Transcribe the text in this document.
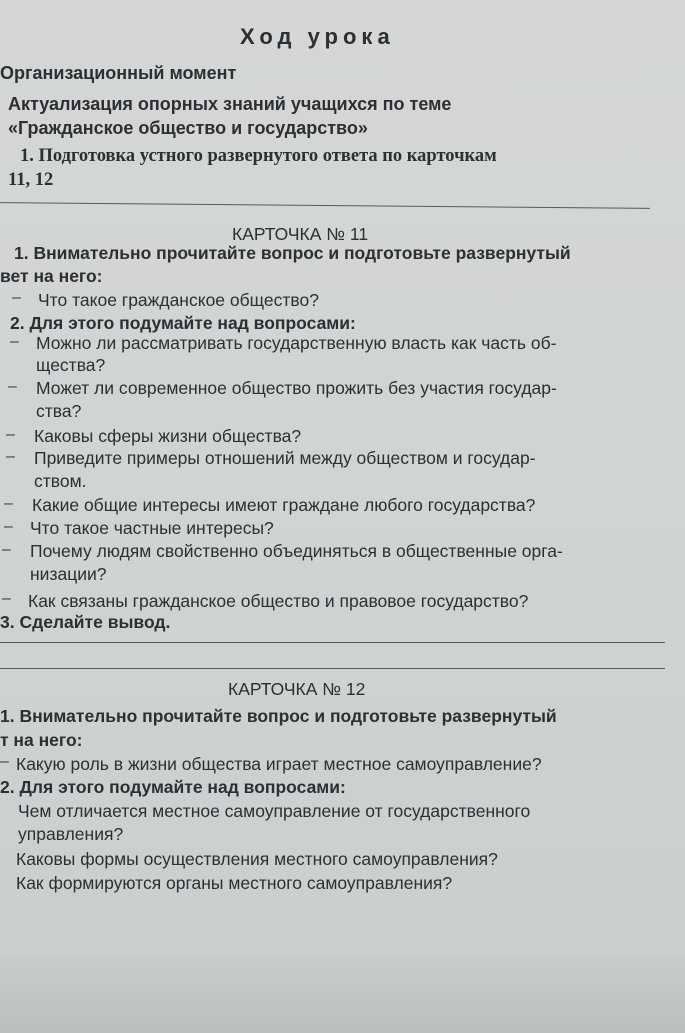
Ход урока
Организационный момент
Актуализация опорных знаний учащихся по теме
«Гражданское общество и государство»
1. Подготовка устного развернутого ответа по карточкам
11, 12
КАРТОЧКА № 11
1. Внимательно прочитайте вопрос и подготовьте развернутый
вет на него:
– Что такое гражданское общество?
2. Для этого подумайте над вопросами:
– Можно ли рассматривать государственную власть как часть об-
щества?
– Может ли современное общество прожить без участия государ-
ства?
– Каковы сферы жизни общества?
– Приведите примеры отношений между обществом и государ-
ством.
– Какие общие интересы имеют граждане любого государства?
– Что такое частные интересы?
– Почему людям свойственно объединяться в общественные орга-
низации?
– Как связаны гражданское общество и правовое государство?
3. Сделайте вывод.
КАРТОЧКА № 12
1. Внимательно прочитайте вопрос и подготовьте развернутый
т на него:
– Какую роль в жизни общества играет местное самоуправление?
2. Для этого подумайте над вопросами:
Чем отличается местное самоуправление от государственного
управления?
Каковы формы осуществления местного самоуправления?
Как формируются органы местного самоуправления?
